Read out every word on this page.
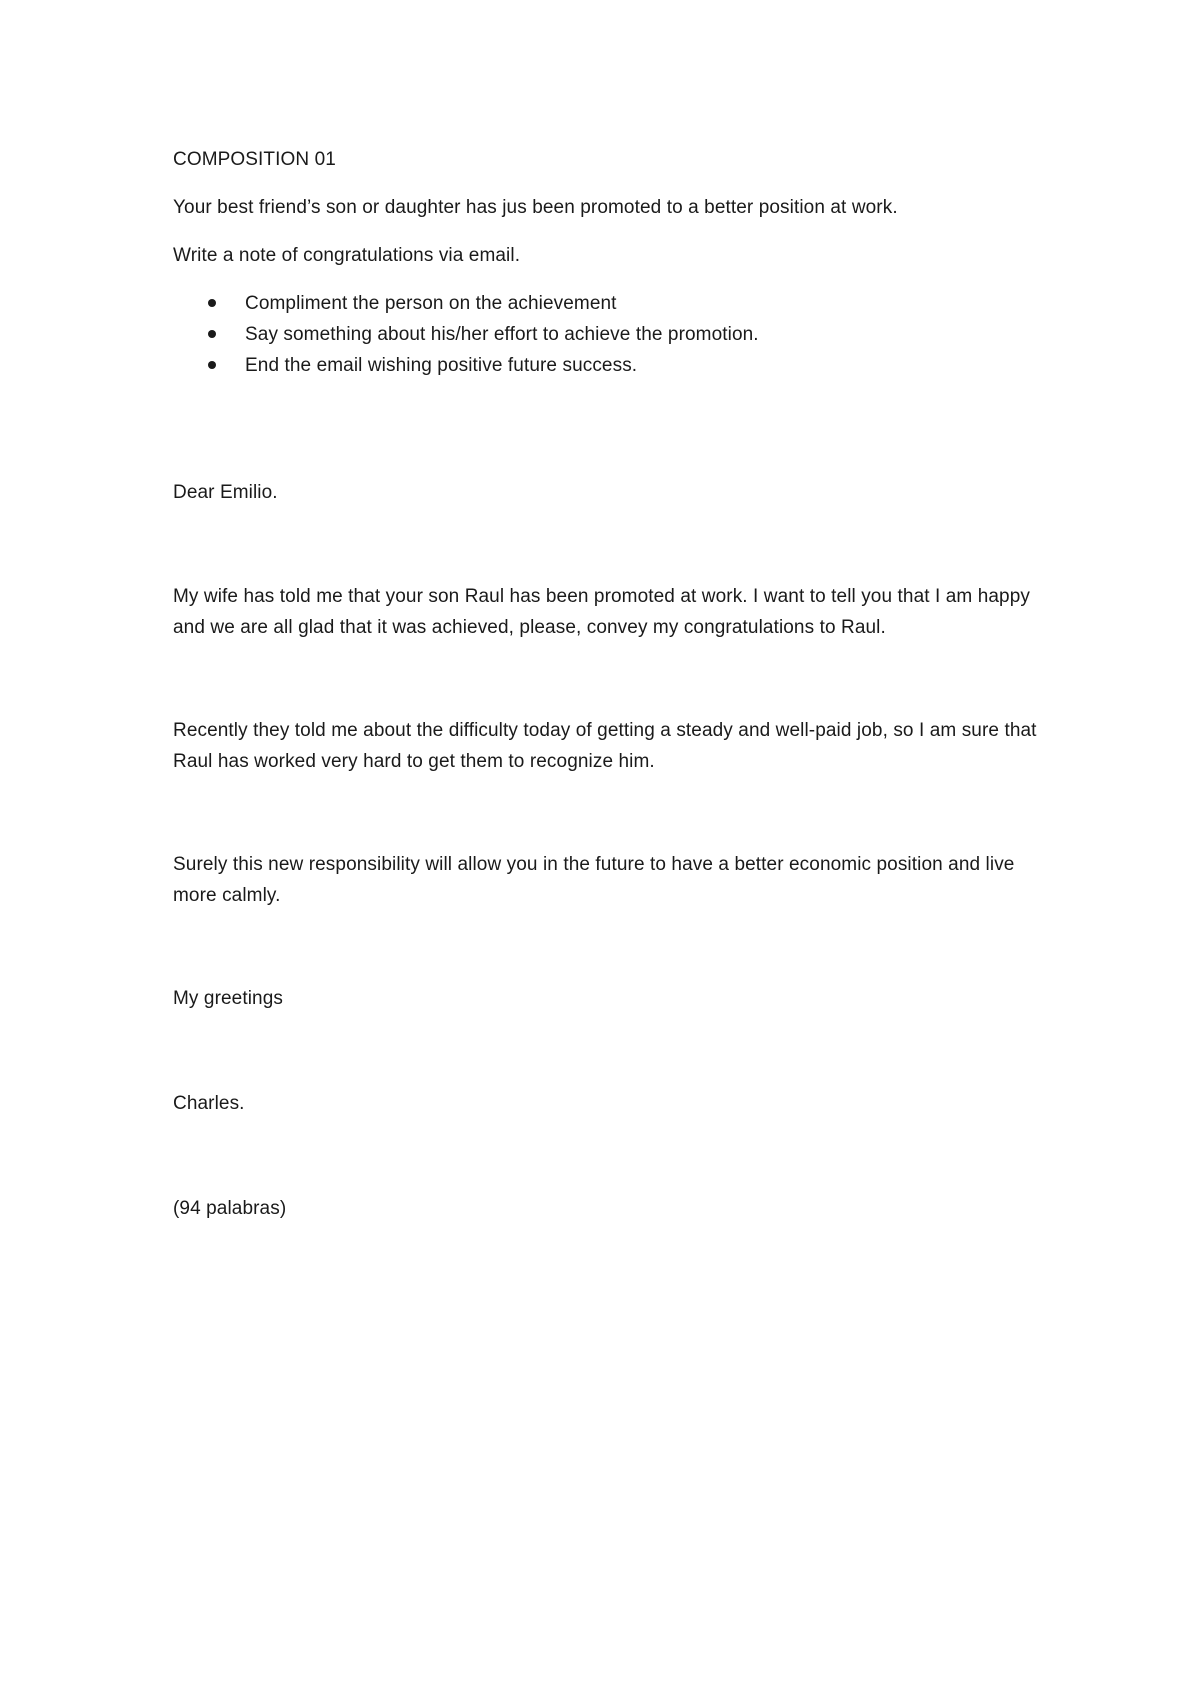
COMPOSITION 01

Your best friend’s son or daughter has jus been promoted to a better position at work.

Write a note of congratulations via email.

Compliment the person on the achievement
Say something about his/her effort to achieve the promotion.
End the email wishing positive future success.

Dear Emilio.

My wife has told me that your son Raul has been promoted at work. I want to tell you that I am happy and we are all glad that it was achieved, please, convey my congratulations to Raul.

Recently they told me about the difficulty today of getting a steady and well-paid job, so I am sure that Raul has worked very hard to get them to recognize him.

Surely this new responsibility will allow you in the future to have a better economic position and live more calmly.

My greetings

Charles.

(94 palabras)
